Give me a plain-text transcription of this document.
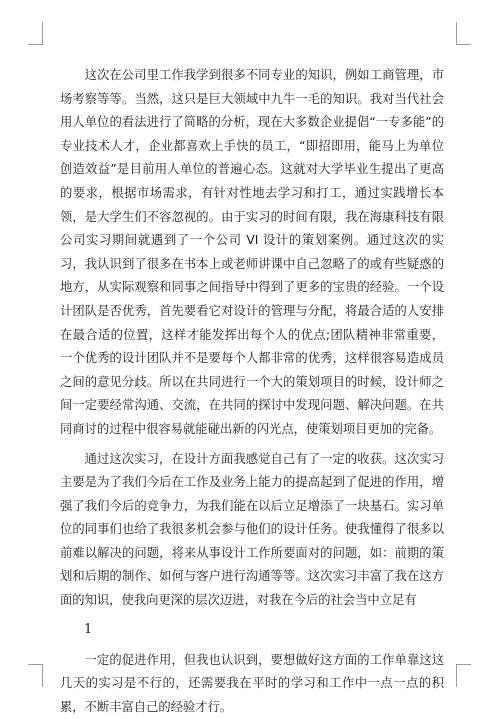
这次在公司里工作我学到很多不同专业的知识，例如工商管理，市场考察等等。当然，这只是巨大领域中九牛一毛的知识。我对当代社会用人单位的看法进行了简略的分析，现在大多数企业提倡“一专多能”的专业技术人才，企业都喜欢上手快的员工，“即招即用，能马上为单位创造效益”是目前用人单位的普遍心态。这就对大学毕业生提出了更高的要求，根据市场需求，有针对性地去学习和打工，通过实践增长本领，是大学生们不容忽视的。由于实习的时间有限，我在海康科技有限公司实习期间就遇到了一个公司 VI 设计的策划案例。通过这次的实习，我认识到了很多在书本上或老师讲课中自己忽略了的或有些疑惑的地方，从实际观察和同事之间指导中得到了更多的宝贵的经验。一个设计团队是否优秀，首先要看它对设计的管理与分配，将最合适的人安排在最合适的位置，这样才能发挥出每个人的优点;团队精神非常重要，一个优秀的设计团队并不是要每个人都非常的优秀，这样很容易造成员之间的意见分歧。所以在共同进行一个大的策划项目的时候，设计师之间一定要经常沟通、交流，在共同的探讨中发现问题、解决问题。在共同商讨的过程中很容易就能碰出新的闪光点，使策划项目更加的完备。

通过这次实习，在设计方面我感觉自己有了一定的收获。这次实习主要是为了我们今后在工作及业务上能力的提高起到了促进的作用，增强了我们今后的竞争力，为我们能在以后立足增添了一块基石。实习单位的同事们也给了我很多机会参与他们的设计任务。使我懂得了很多以前难以解决的问题，将来从事设计工作所要面对的问题，如：前期的策划和后期的制作、如何与客户进行沟通等等。这次实习丰富了我在这方面的知识，使我向更深的层次迈进，对我在今后的社会当中立足有

1

一定的促进作用，但我也认识到，要想做好这方面的工作单靠这这几天的实习是不行的，还需要我在平时的学习和工作中一点一点的积累，不断丰富自己的经验才行。
